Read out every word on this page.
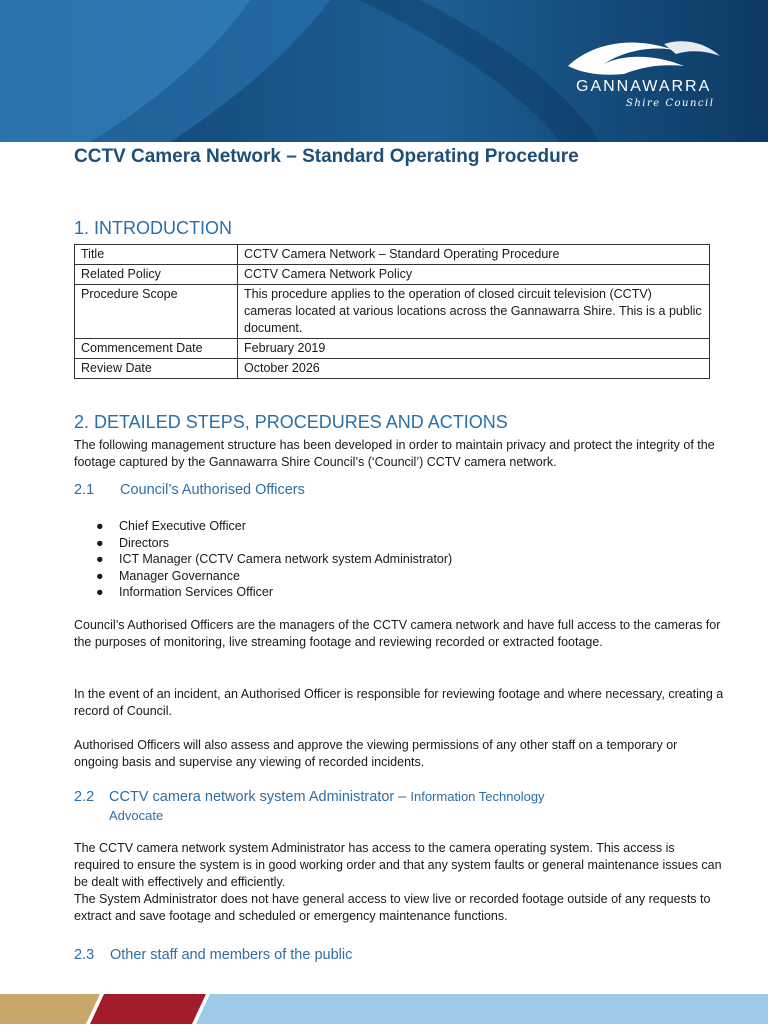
GANNAWARRA
Shire Council
CCTV Camera Network – Standard Operating Procedure
1. INTRODUCTION
Title	CCTV Camera Network – Standard Operating Procedure
Related Policy	CCTV Camera Network Policy
Procedure Scope	This procedure applies to the operation of closed circuit television (CCTV) cameras located at various locations across the Gannawarra Shire. This is a public document.
Commencement Date	February 2019
Review Date	October 2026
2. DETAILED STEPS, PROCEDURES AND ACTIONS

The following management structure has been developed in order to maintain privacy and protect the integrity of the footage captured by the Gannawarra Shire Council’s (‘Council’) CCTV camera network.

2.1 Council’s Authorised Officers
● Chief Executive Officer
● Directors
● ICT Manager (CCTV Camera network system Administrator)
● Manager Governance
● Information Services Officer

Council’s Authorised Officers are the managers of the CCTV camera network and have full access to the cameras for the purposes of monitoring, live streaming footage and reviewing recorded or extracted footage.

In the event of an incident, an Authorised Officer is responsible for reviewing footage and where necessary, creating a record of Council.

Authorised Officers will also assess and approve the viewing permissions of any other staff on a temporary or ongoing basis and supervise any viewing of recorded incidents.

2.2 CCTV camera network system Administrator – Information Technology
Advocate

The CCTV camera network system Administrator has access to the camera operating system. This access is required to ensure the system is in good working order and that any system faults or general maintenance issues can be dealt with effectively and efficiently.

The System Administrator does not have general access to view live or recorded footage outside of any requests to extract and save footage and scheduled or emergency maintenance functions.

2.3 Other staff and members of the public
